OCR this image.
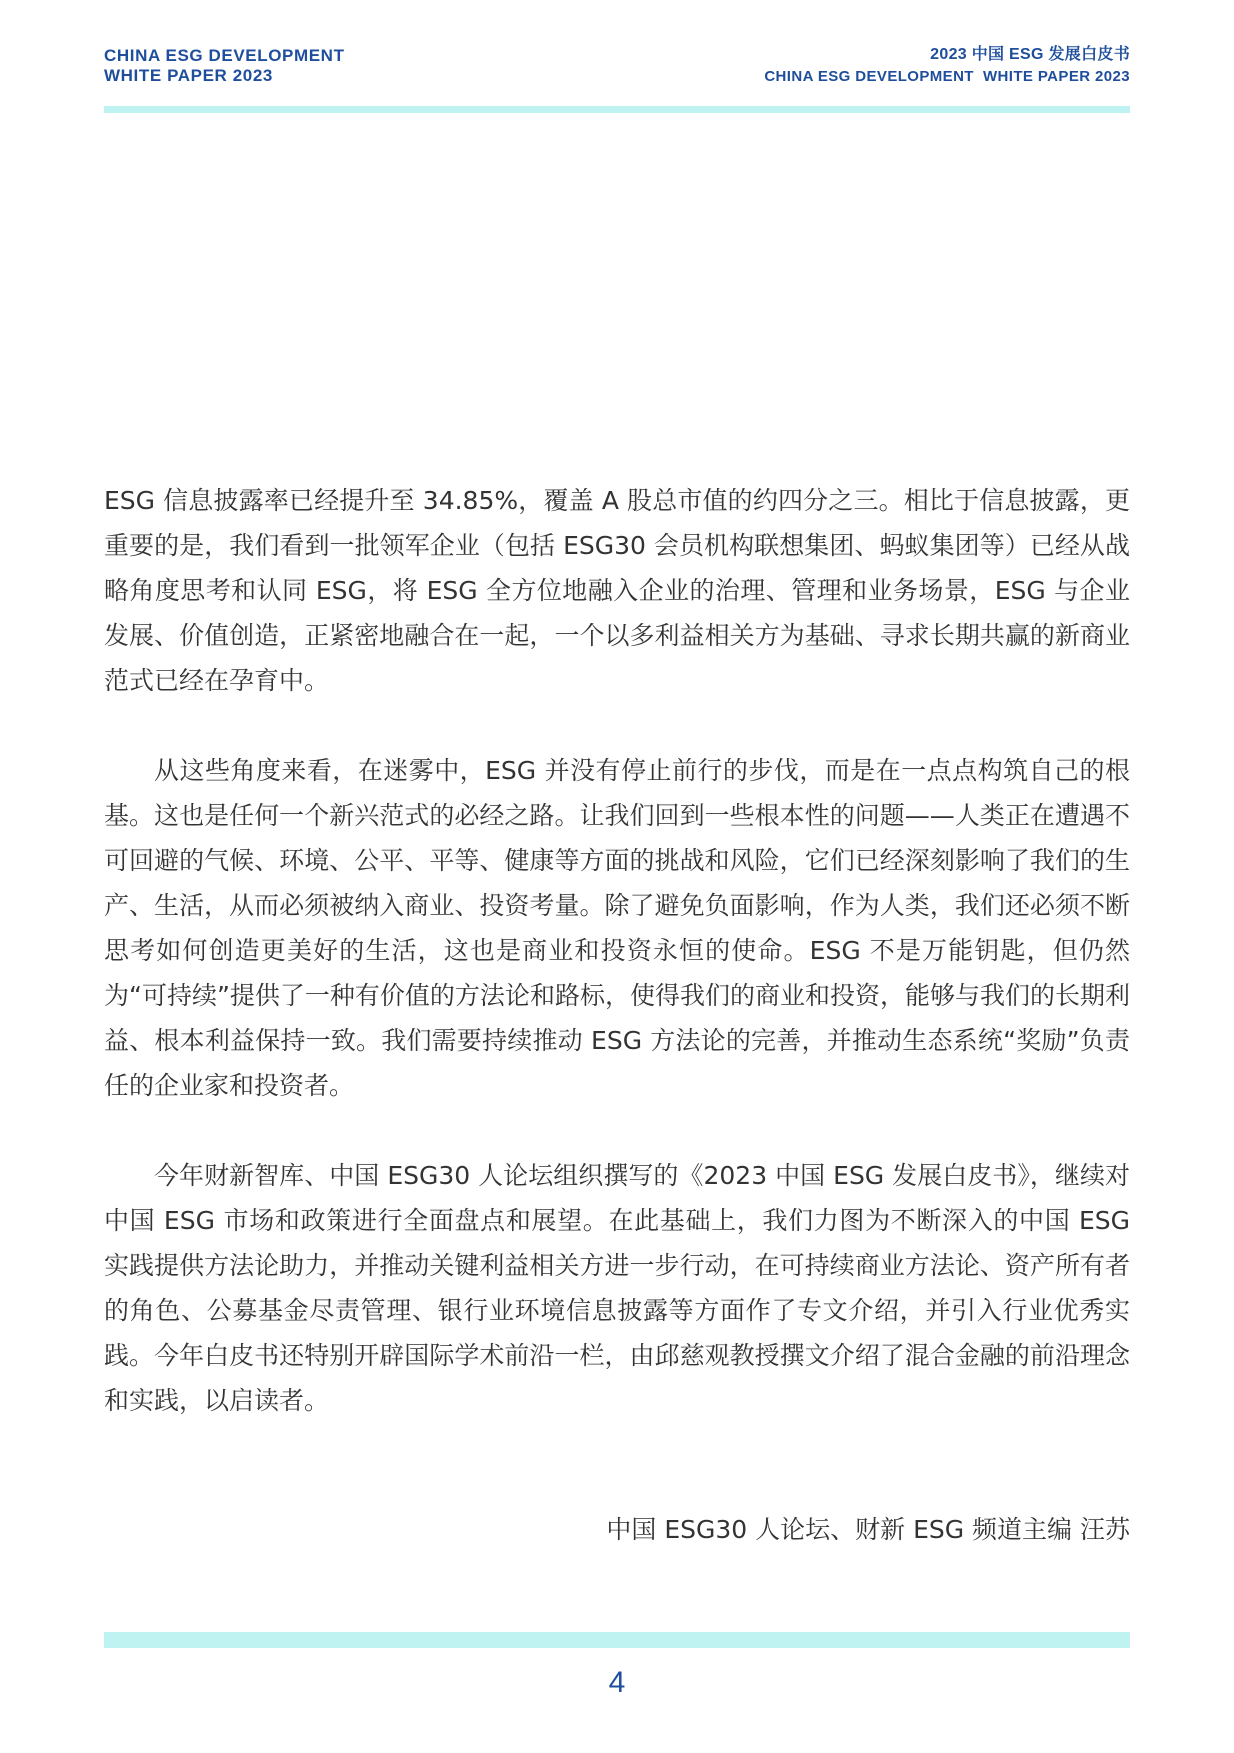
CHINA ESG DEVELOPMENT
WHITE PAPER 2023
2023 中国 ESG 发展白皮书
CHINA ESG DEVELOPMENT  WHITE PAPER 2023

ESG 信息披露率已经提升至 34.85%，覆盖 A 股总市值的约四分之三。相比于信息披露，更重要的是，我们看到一批领军企业（包括 ESG30 会员机构联想集团、蚂蚁集团等）已经从战略角度思考和认同 ESG，将 ESG 全方位地融入企业的治理、管理和业务场景，ESG 与企业发展、价值创造，正紧密地融合在一起，一个以多利益相关方为基础、寻求长期共赢的新商业范式已经在孕育中。

从这些角度来看，在迷雾中，ESG 并没有停止前行的步伐，而是在一点点构筑自己的根基。这也是任何一个新兴范式的必经之路。让我们回到一些根本性的问题——人类正在遭遇不可回避的气候、环境、公平、平等、健康等方面的挑战和风险，它们已经深刻影响了我们的生产、生活，从而必须被纳入商业、投资考量。除了避免负面影响，作为人类，我们还必须不断思考如何创造更美好的生活，这也是商业和投资永恒的使命。ESG 不是万能钥匙，但仍然为“可持续”提供了一种有价值的方法论和路标，使得我们的商业和投资，能够与我们的长期利益、根本利益保持一致。我们需要持续推动 ESG 方法论的完善，并推动生态系统“奖励”负责任的企业家和投资者。

今年财新智库、中国 ESG30 人论坛组织撰写的《2023 中国 ESG 发展白皮书》，继续对中国 ESG 市场和政策进行全面盘点和展望。在此基础上，我们力图为不断深入的中国 ESG 实践提供方法论助力，并推动关键利益相关方进一步行动，在可持续商业方法论、资产所有者的角色、公募基金尽责管理、银行业环境信息披露等方面作了专文介绍，并引入行业优秀实践。今年白皮书还特别开辟国际学术前沿一栏，由邱慈观教授撰文介绍了混合金融的前沿理念和实践，以启读者。

中国 ESG30 人论坛、财新 ESG 频道主编 汪苏
4
